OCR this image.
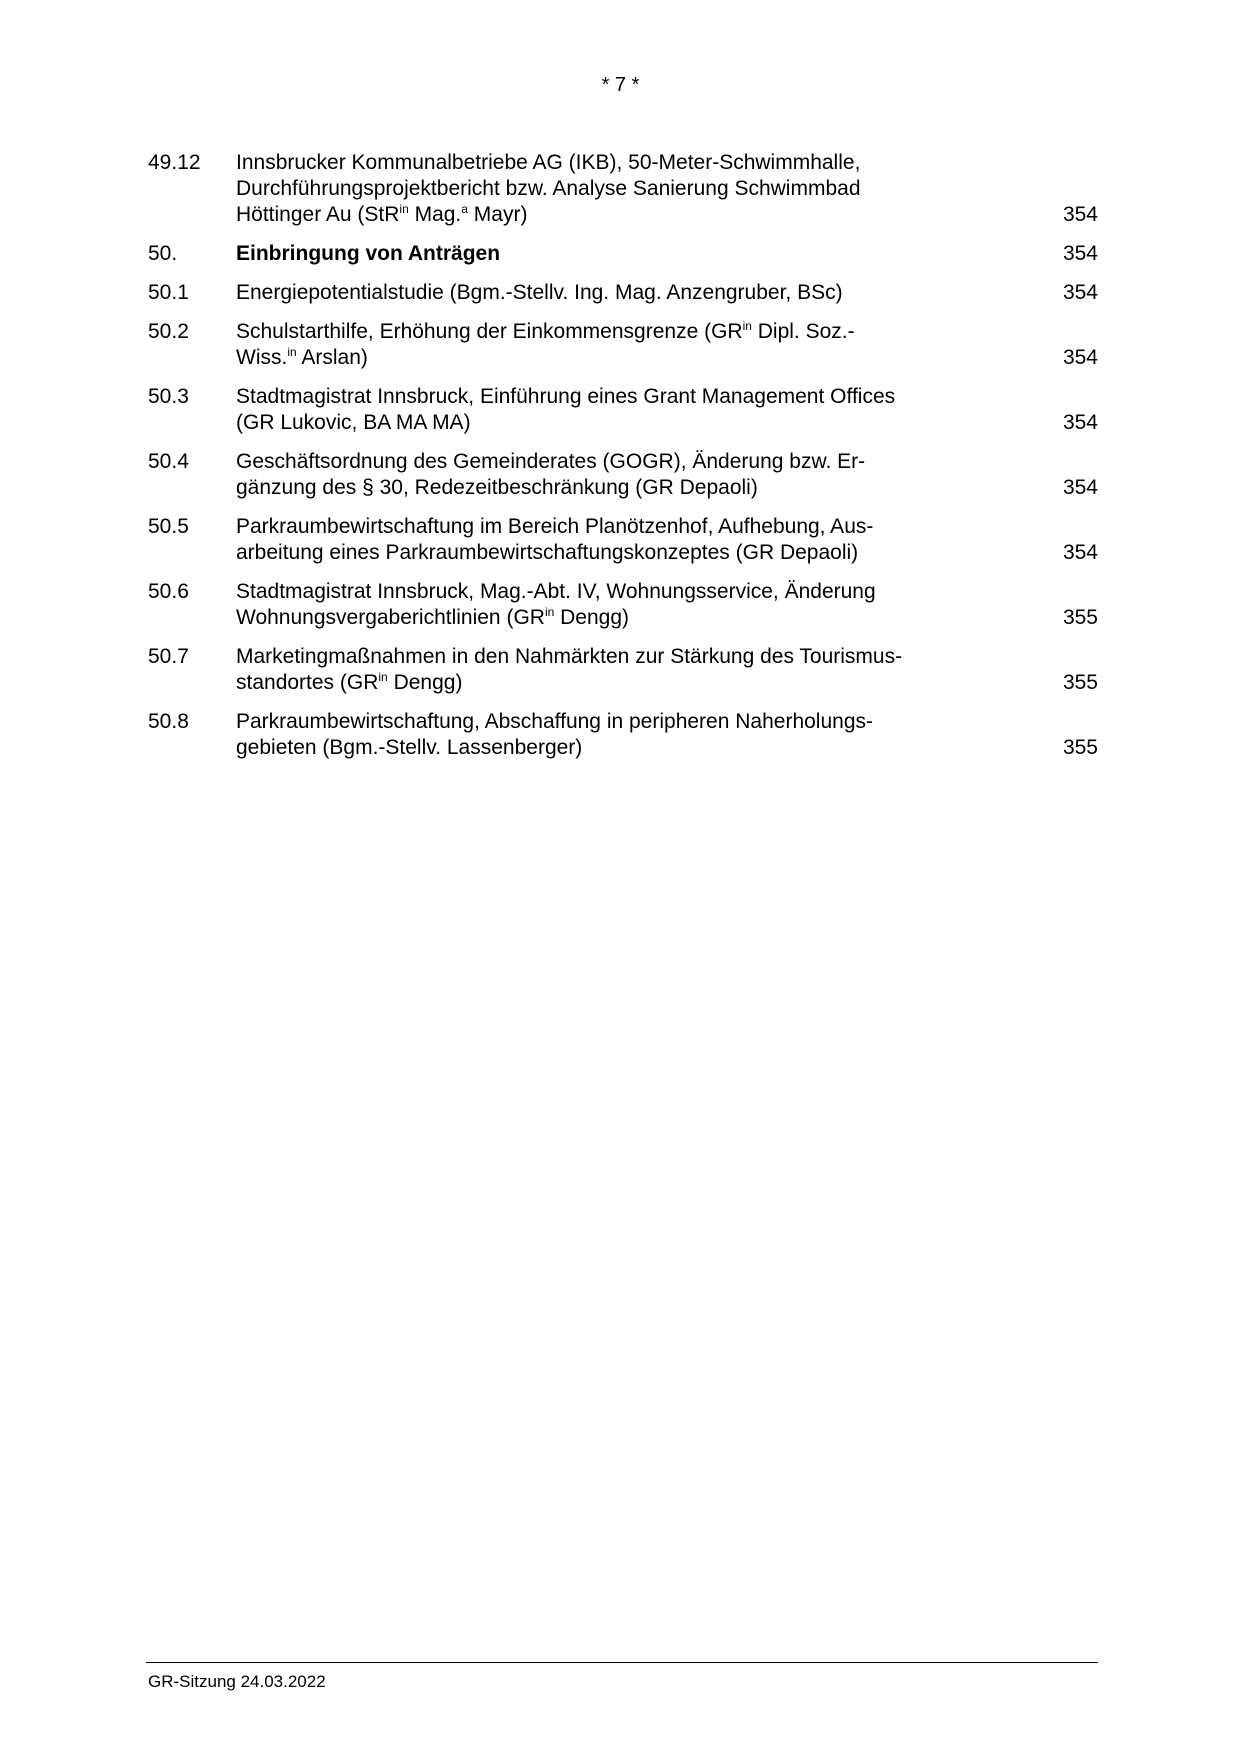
* 7 *
49.12	Innsbrucker Kommunalbetriebe AG (IKB), 50-Meter-Schwimmhalle,
Durchführungsprojektbericht bzw. Analyse Sanierung Schwimmbad
Höttinger Au (StR$^{in}$ Mag.$^a$ Mayr)	354
50.	Einbringung von Anträgen	354
50.1	Energiepotentialstudie (Bgm.-Stellv. Ing. Mag. Anzengruber, BSc)	354
50.2	Schulstarthilfe, Erhöhung der Einkommensgrenze ($GR^{in}$ Dipl. Soz.-
Wiss.$^{in}$ Arslan)	354
50.3	Stadtmagistrat Innsbruck, Einführung eines Grant Management Offices
(GR Lukovic, BA MA MA)	354
50.4	Geschäftsordnung des Gemeinderates (GOGR), Änderung bzw. Er-
gänzung des § 30, Redezeitbeschränkung (GR Depaoli)	354
50.5	Parkraumbewirtschaftung im Bereich Planötzenhof, Aufhebung, Aus-
arbeitung eines Parkraumbewirtschaftungskonzeptes (GR Depaoli)	354
50.6	Stadtmagistrat Innsbruck, Mag.-Abt. IV, Wohnungsservice, Änderung
Wohnungsvergaberichtlinien ($GR^{in}$ Dengg)	355
50.7	Marketingmaßnahmen in den Nahmärkten zur Stärkung des Tourismus-
standortes ($GR^{in}$ Dengg)	355
50.8	Parkraumbewirtschaftung, Abschaffung in peripheren Naherholungs-
gebieten (Bgm.-Stellv. Lassenberger)	355
GR-Sitzung 24.03.2022
